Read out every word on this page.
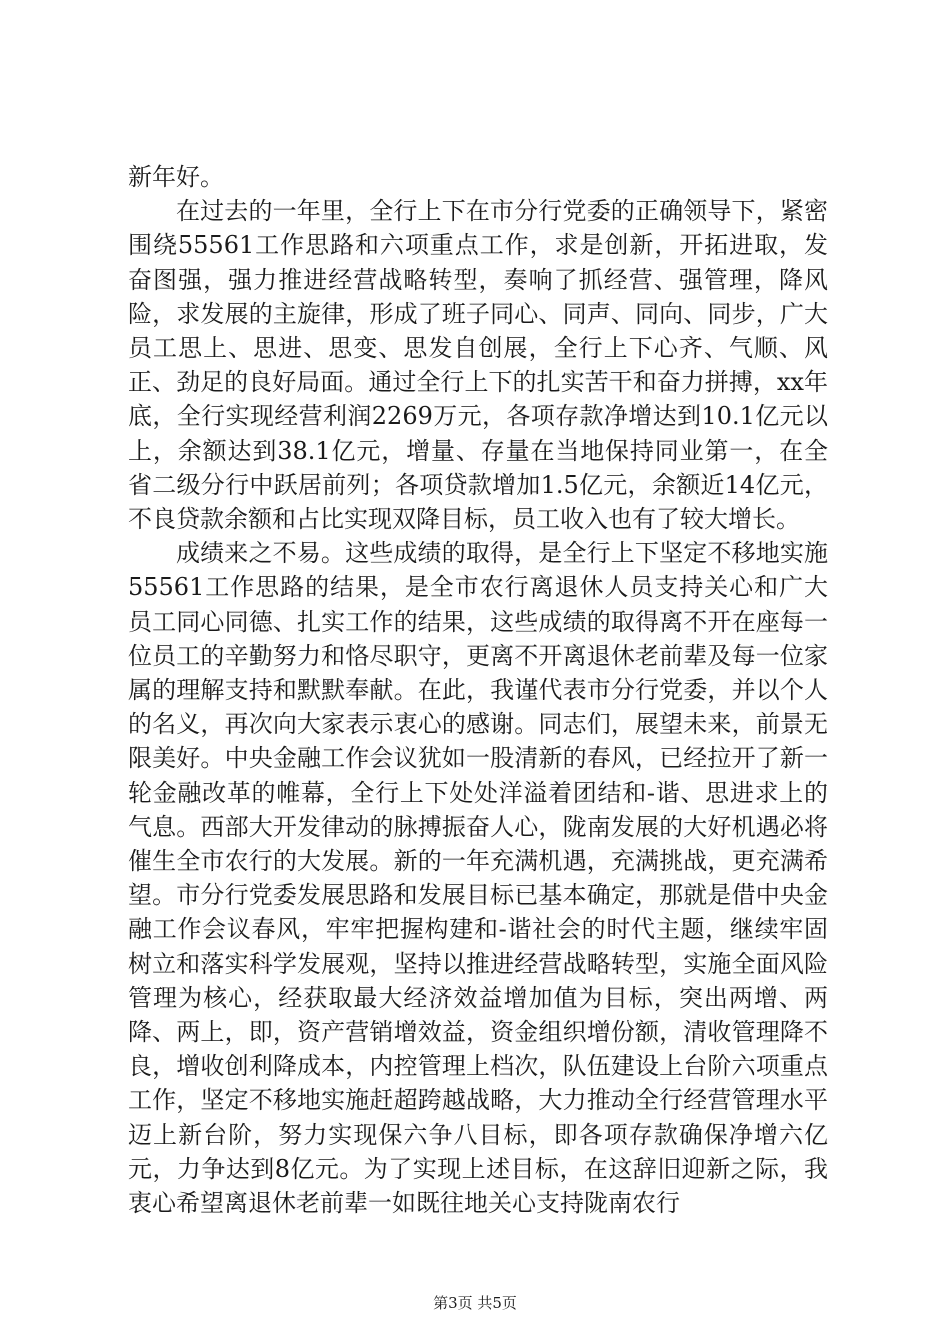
新年好。

在过去的一年里，全行上下在市分行党委的正确领导下，紧密围绕55561工作思路和六项重点工作，求是创新，开拓进取，发奋图强，强力推进经营战略转型，奏响了抓经营、强管理，降风险，求发展的主旋律，形成了班子同心、同声、同向、同步，广大员工思上、思进、思变、思发自创展，全行上下心齐、气顺、风正、劲足的良好局面。通过全行上下的扎实苦干和奋力拼搏，xx年底，全行实现经营利润2269万元，各项存款净增达到10.1亿元以上，余额达到38.1亿元，增量、存量在当地保持同业第一，在全省二级分行中跃居前列；各项贷款增加1.5亿元，余额近14亿元，不良贷款余额和占比实现双降目标，员工收入也有了较大增长。

成绩来之不易。这些成绩的取得，是全行上下坚定不移地实施55561工作思路的结果，是全市农行离退休人员支持关心和广大员工同心同德、扎实工作的结果，这些成绩的取得离不开在座每一位员工的辛勤努力和恪尽职守，更离不开离退休老前辈及每一位家属的理解支持和默默奉献。在此，我谨代表市分行党委，并以个人的名义，再次向大家表示衷心的感谢。同志们，展望未来，前景无限美好。中央金融工作会议犹如一股清新的春风，已经拉开了新一轮金融改革的帷幕，全行上下处处洋溢着团结和-谐、思进求上的气息。西部大开发律动的脉搏振奋人心，陇南发展的大好机遇必将催生全市农行的大发展。新的一年充满机遇，充满挑战，更充满希望。市分行党委发展思路和发展目标已基本确定，那就是借中央金融工作会议春风，牢牢把握构建和-谐社会的时代主题，继续牢固树立和落实科学发展观，坚持以推进经营战略转型，实施全面风险管理为核心，经获取最大经济效益增加值为目标，突出两增、两降、两上，即，资产营销增效益，资金组织增份额，清收管理降不良，增收创利降成本，内控管理上档次，队伍建设上台阶六项重点工作，坚定不移地实施赶超跨越战略，大力推动全行经营管理水平迈上新台阶，努力实现保六争八目标，即各项存款确保净增六亿元，力争达到8亿元。为了实现上述目标，在这辞旧迎新之际，我衷心希望离退休老前辈一如既往地关心支持陇南农行

第3页 共5页
